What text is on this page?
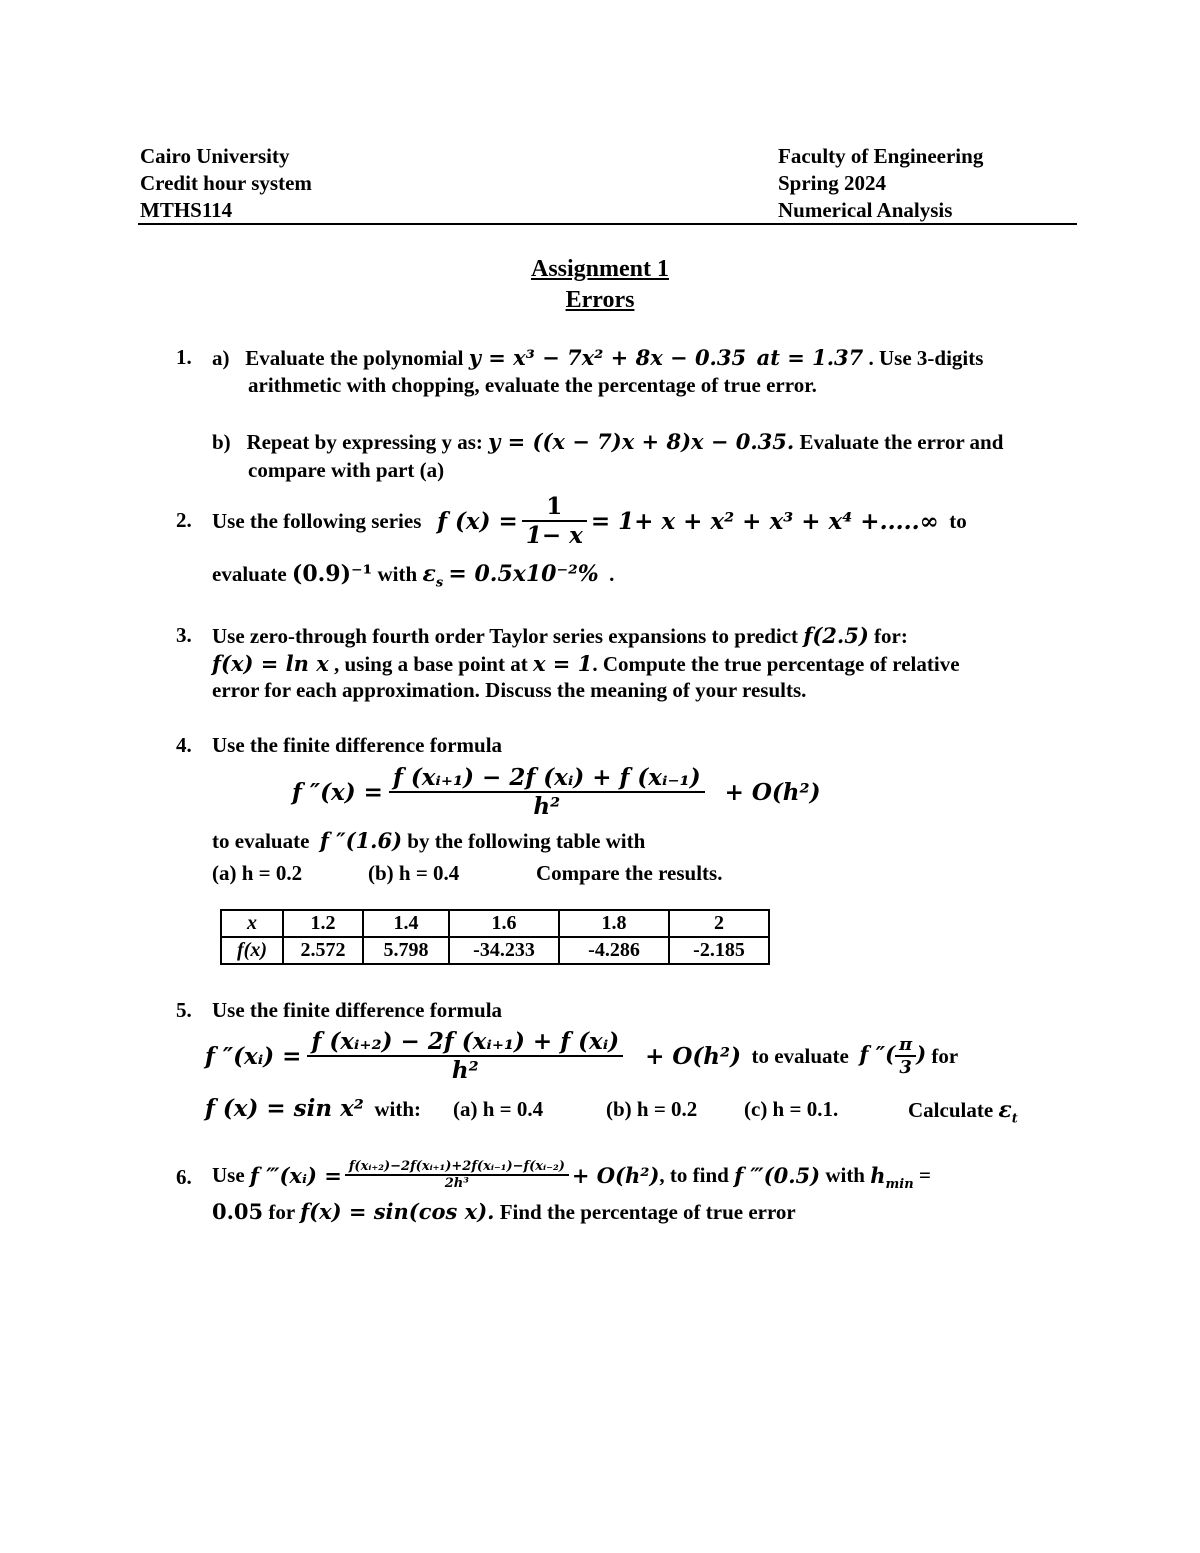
Cairo University
Credit hour system
MTHS114
Faculty of Engineering
Spring 2024
Numerical Analysis
Assignment 1
Errors
1. a) Evaluate the polynomial y = x³ − 7x² + 8x − 0.35 at = 1.37 . Use 3-digits
arithmetic with chopping, evaluate the percentage of true error.
b) Repeat by expressing y as: y = ((x − 7)x + 8)x − 0.35. Evaluate the error and
compare with part (a)
2. Use the following series
f $(x) = \frac{1}{1- x} = 1+ x + x^2 + x^3 + x^4$ +.....∞
to
evaluate (0.9)⁻¹ with $\varepsilon_s = 0.5x10^{-2}\%$ .
3. Use zero-through fourth order Taylor series expansions to predict f(2.5) for:
f(x) = ln x , using a base point at x = 1. Compute the true percentage of relative
error for each approximation. Discuss the meaning of your results.
4. Use the finite difference formula
f $''(x) = \frac{\text{f (xᵢ₊₁) − 2f (xᵢ) + f (xᵢ₋₁)}}{\text{h²}} + O(h^2)$
to evaluate f ″(1.6) by the following table with
(a) h = 0.2	(b) h = 0.4	Compare the results.
x	1.2	1.4	1.6	1.8	2
f(x)	2.572	5.798	-34.233	-4.286	-2.185
5. Use the finite difference formula
f ″(xᵢ) = $\frac{\text{f (xᵢ₊₂) − 2f (xᵢ₊₁) + f (xᵢ)}}{\text{h²}} + O(h^2)$
to evaluate
f ″( $\frac{\pi}{3}$ )
for
f (x) = sin x² with: (a) h = 0.4	(b) h = 0.2 (c) h = 0.1.	Calculate $\varepsilon_t$
6. Use
f ‴(xᵢ) = $\frac{\text{f(xᵢ₊₂)−2f(xᵢ₊₁)+2f(xᵢ₋₁)−f(xᵢ₋₂)}}{\text{2h³}} + O(h^2)$ , to find
f ‴(0.5)
with
$h_{min}$
=
0.05 for f(x) = sin(cos x). Find the percentage of true error
